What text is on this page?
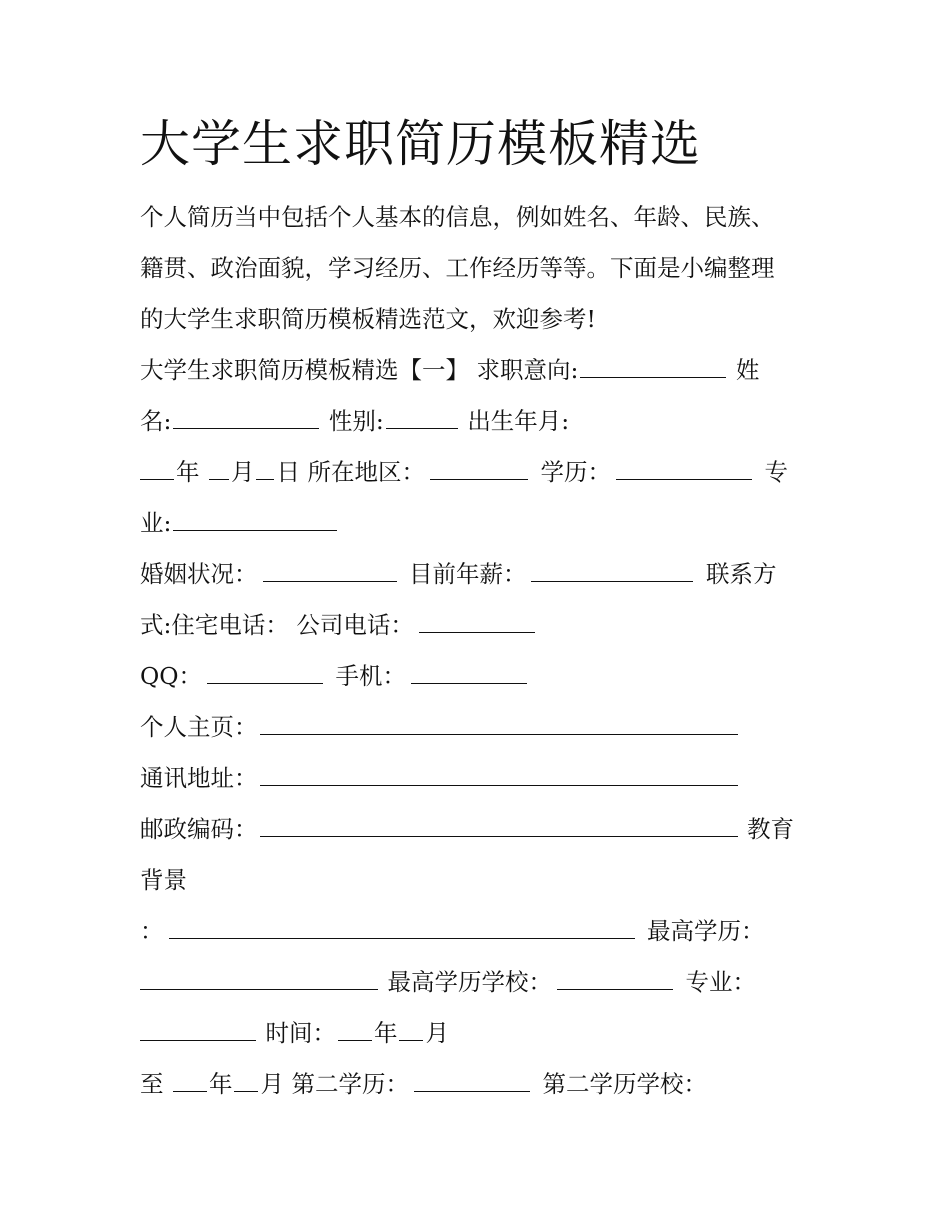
大学生求职简历模板精选
个人简历当中包括个人基本的信息，例如姓名、年龄、民族、
籍贯、政治面貌，学习经历、工作经历等等。下面是小编整理
的大学生求职简历模板精选范文，欢迎参考!
大学生求职简历模板精选【一】 求职意向:	姓
名:	性别:	出生年月:
年 月 日 所在地区：	学历：	专
业:
婚姻状况：	目前年薪：	联系方
式:住宅电话： 公司电话：
QQ：	手机：
个人主页：
通讯地址：
邮政编码：	教育
背景
：	最高学历：
最高学历学校：	专业：
时间： 年 月
至 年 月 第二学历：	第二学历学校：
